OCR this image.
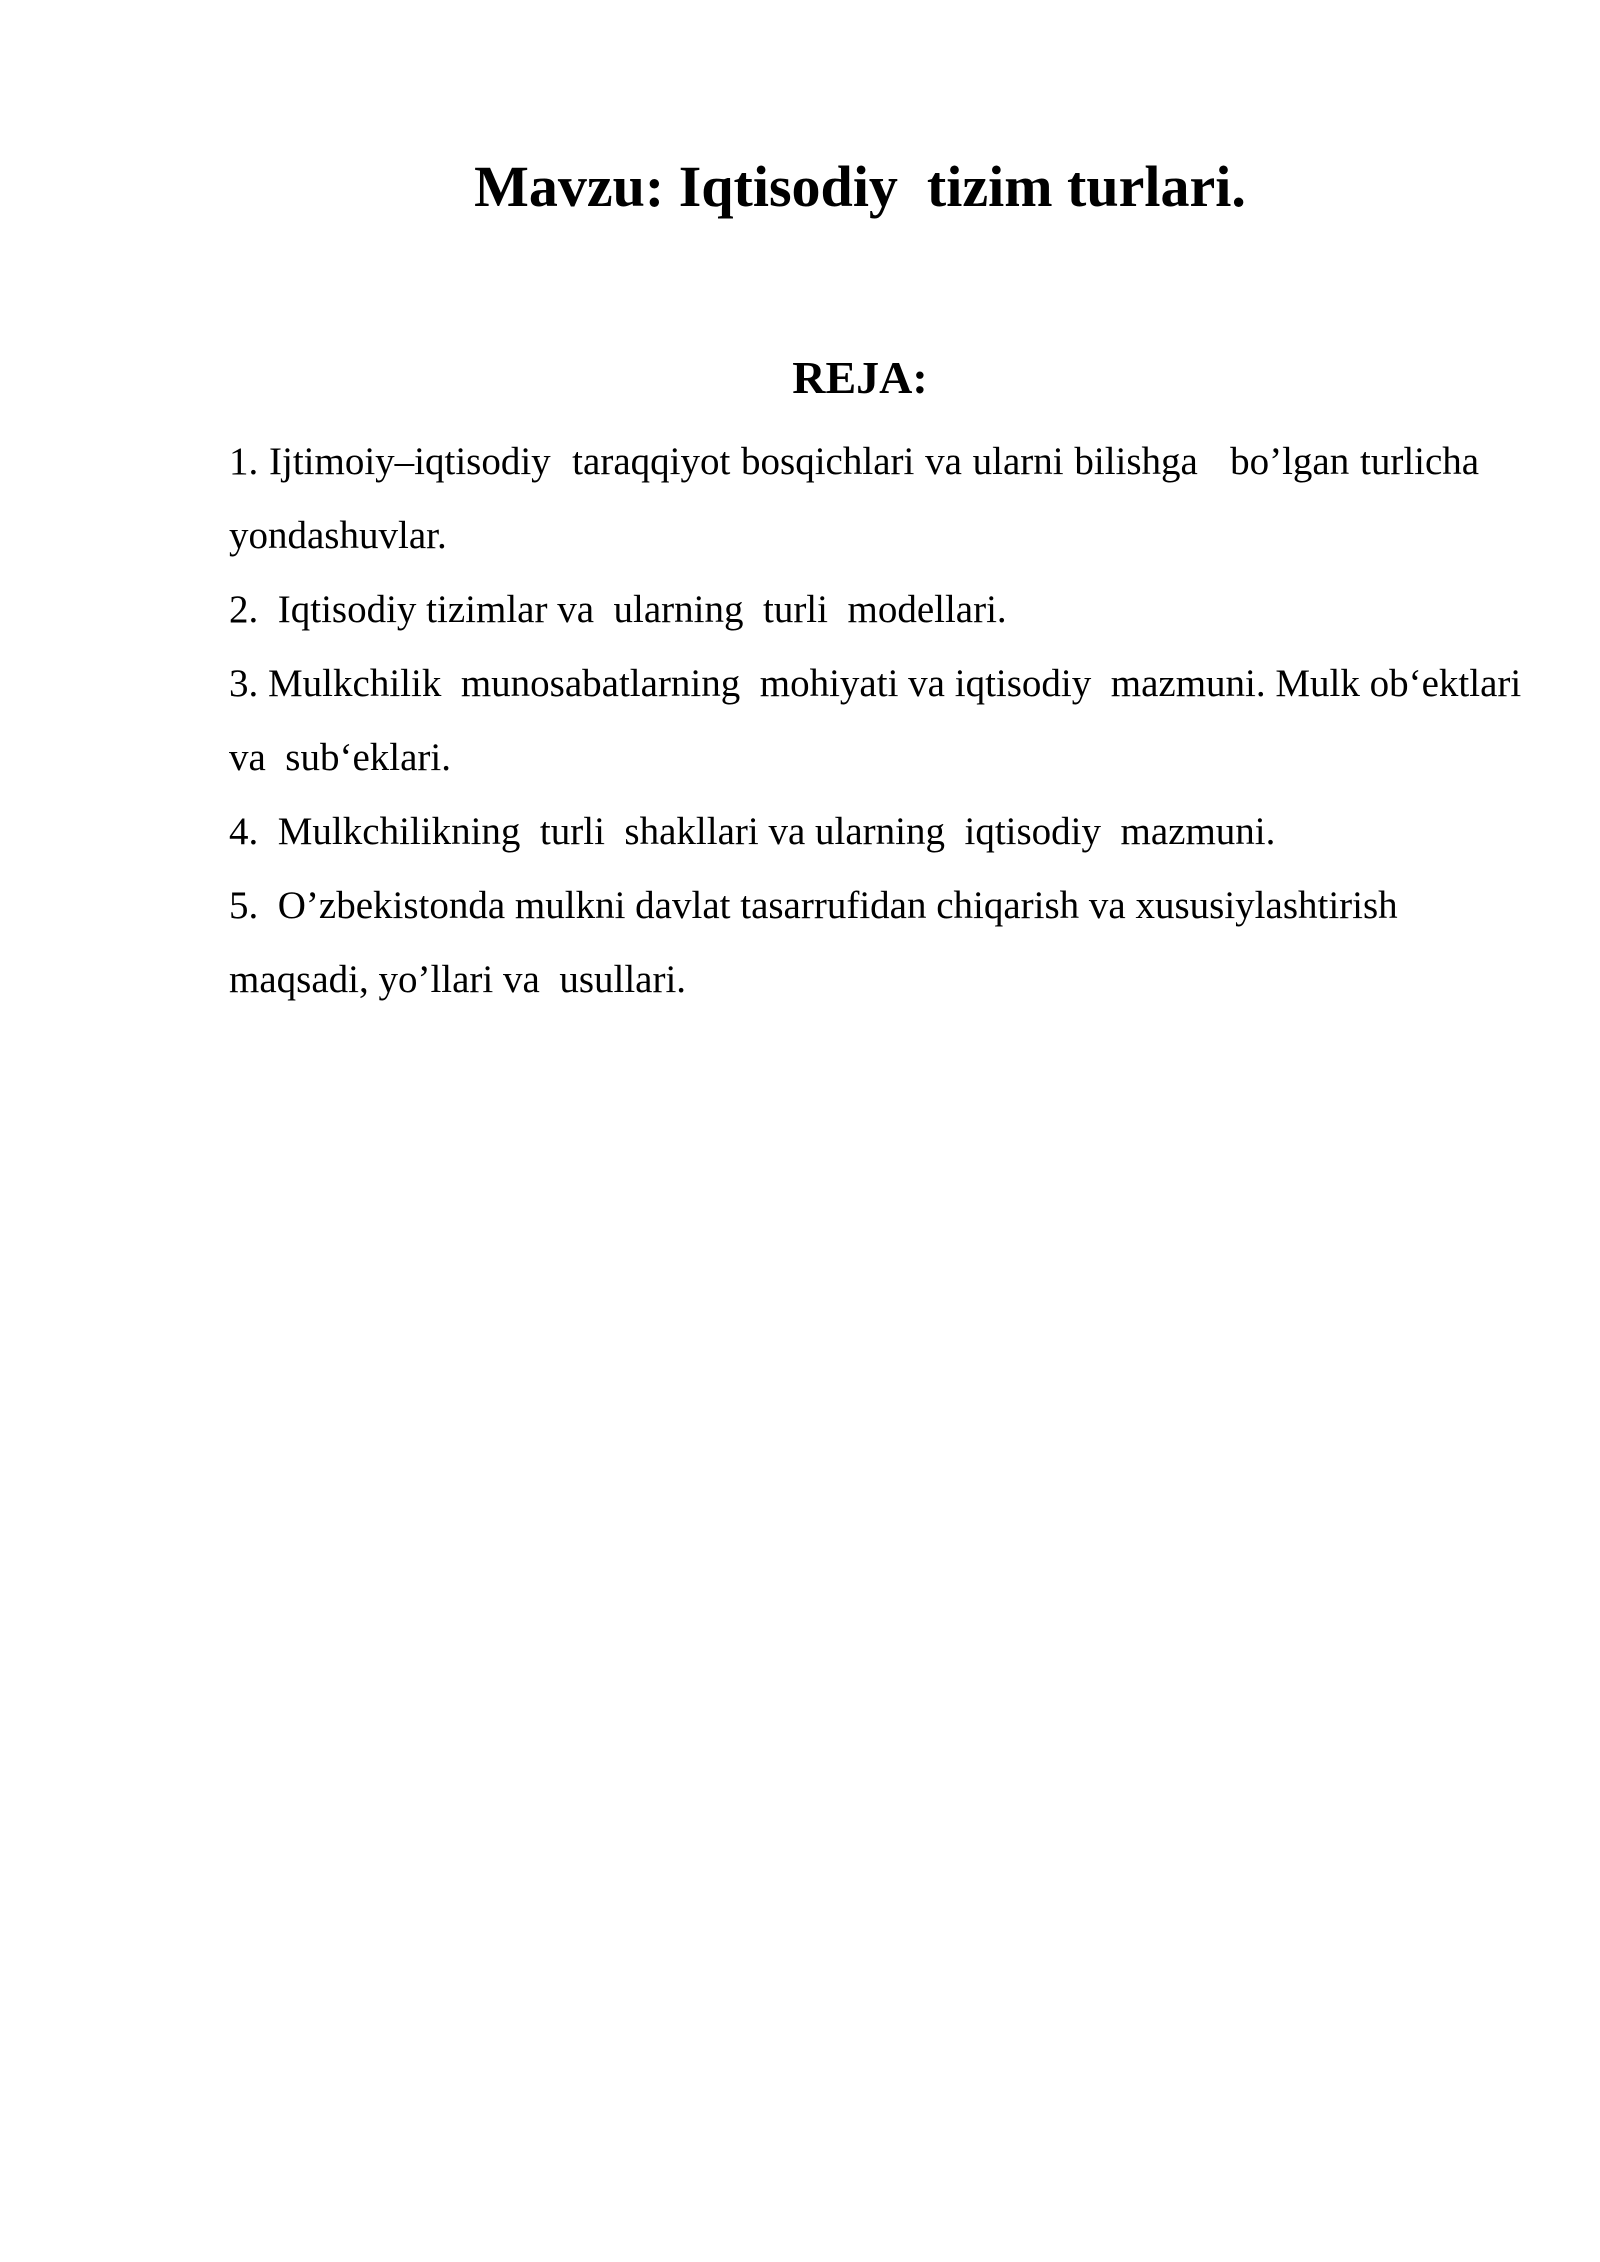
Mavzu: Iqtisodiy  tizim turlari.
REJA:
1. Ijtimoiy–iqtisodiy  taraqqiyot bosqichlari va ularni bilishga   bo’lgan turlicha yondashuvlar.
2.  Iqtisodiy tizimlar va  ularning  turli  modellari.
3. Mulkchilik  munosabatlarning  mohiyati va iqtisodiy  mazmuni. Mulk ob‘ektlari va  sub‘eklari.
4.  Mulkchilikning  turli  shakllari va ularning  iqtisodiy  mazmuni.
5.  O’zbekistonda mulkni davlat tasarrufidan chiqarish va xususiylashtirish maqsadi, yo’llari va  usullari.
